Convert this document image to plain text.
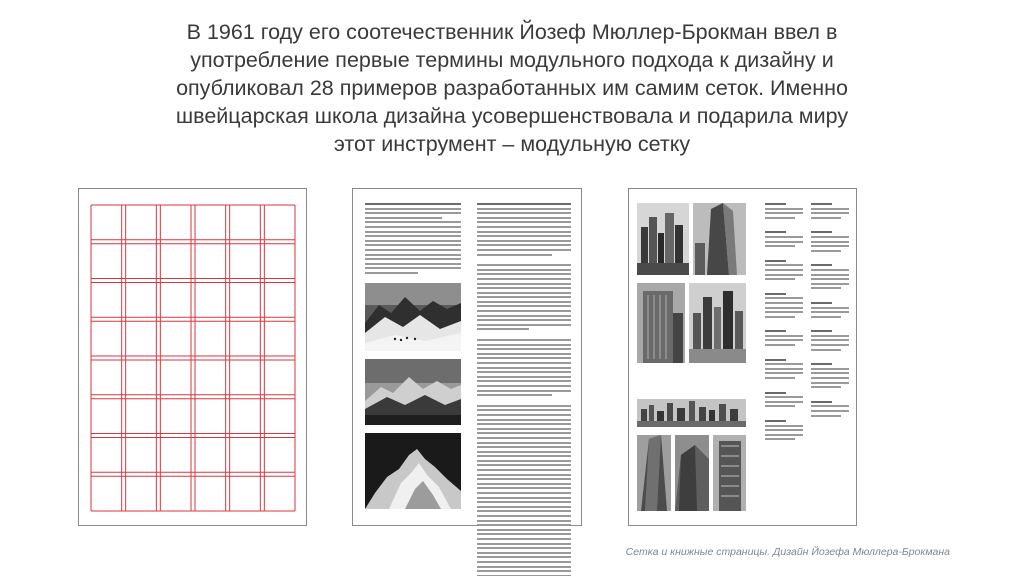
В 1961 году его соотечественник Йозеф Мюллер-Брокман ввел в
употребление первые термины модульного подхода к дизайну и
опубликовал 28 примеров разработанных им самим сеток. Именно
швейцарская школа дизайна усовершенствовала и подарила миру
этот инструмент – модульную сетку
Сетка и книжные страницы. Дизайн Йозефа Мюллера-Брокмана
